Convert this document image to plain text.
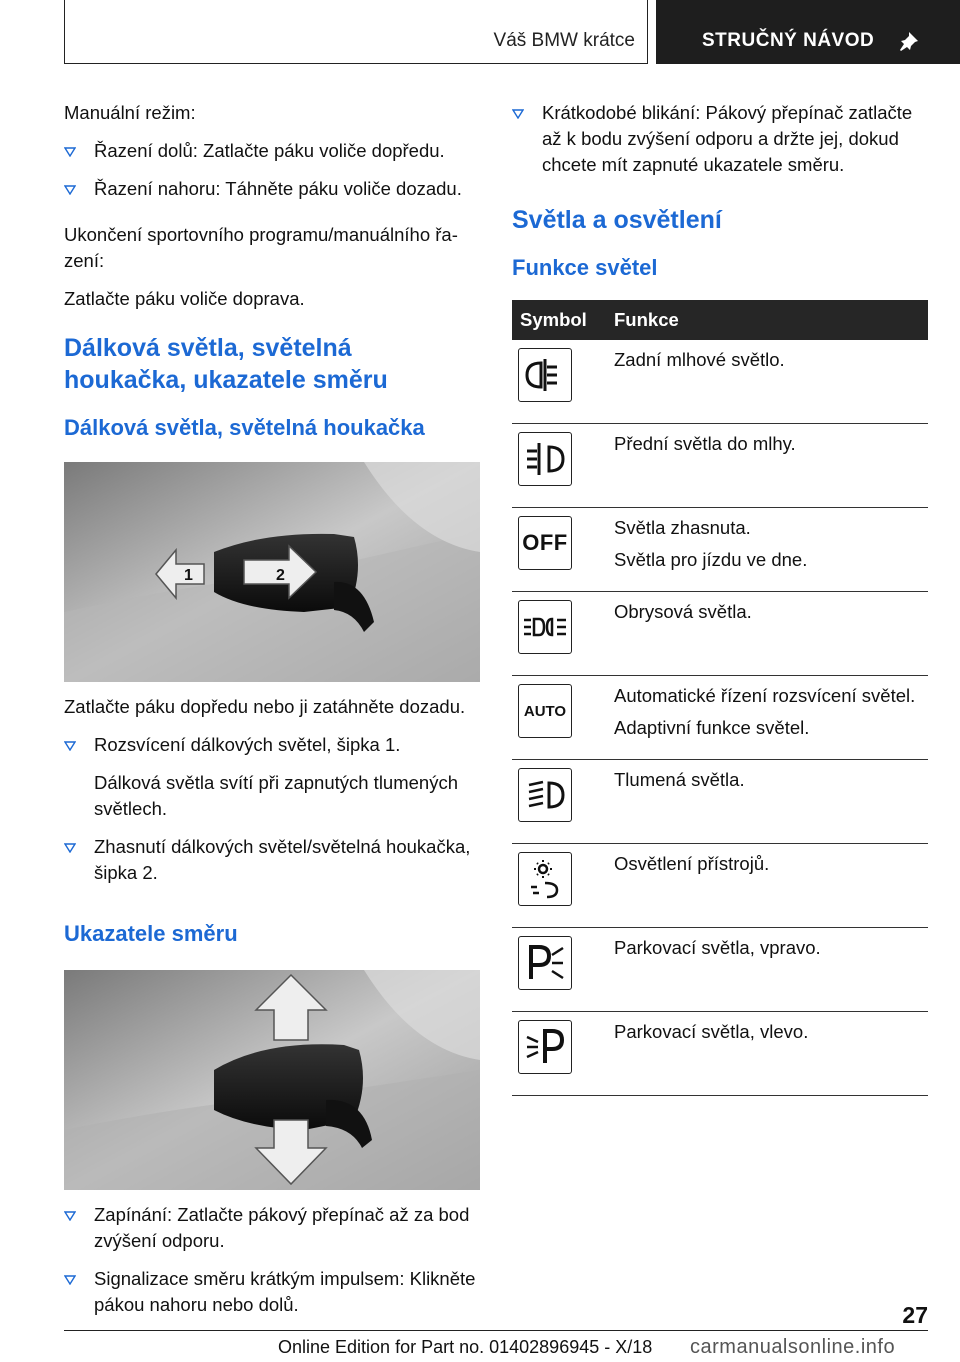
Váš BMW krátce	STRUČNÝ NÁVOD

Manuální režim:

Řazení dolů: Zatlačte páku voliče dopředu.
Řazení nahoru: Táhněte páku voliče dozadu.

Ukončení sportovního programu/manuálního řazení:

Zatlačte páku voliče doprava.

Dálková světla, světelná houkačka, ukazatele směru
Dálková světla, světelná houkačka
1	2

Zatlačte páku dopředu nebo ji zatáhněte dozadu.

Rozsvícení dálkových světel, šipka 1.
Dálková světla svítí při zapnutých tlumených světlech.
Zhasnutí dálkových světel/světelná houkačka, šipka 2.
Ukazatele směru
Zapínání: Zatlačte pákový přepínač až za bod zvýšení odporu.
Signalizace směru krátkým impulsem: Klikněte pákou nahoru nebo dolů.
Krátkodobé blikání: Pákový přepínač zatlačte až k bodu zvýšení odporu a držte jej, dokud chcete mít zapnuté ukazatele směru.
Světla a osvětlení
Funkce světel
Symbol	Funkce

Zadní mlhové světlo.

Přední světla do mlhy.

OFF	Světla zhasnuta.
Světla pro jízdu ve dne.

Obrysová světla.

AUTO	Automatické řízení rozsvícení světel.
Adaptivní funkce světel.

Tlumená světla.

Osvětlení přístrojů.

Parkovací světla, vpravo.

Parkovací světla, vlevo.
27
Online Edition for Part no. 01402896945 - X/18 carmanualsonline.info
